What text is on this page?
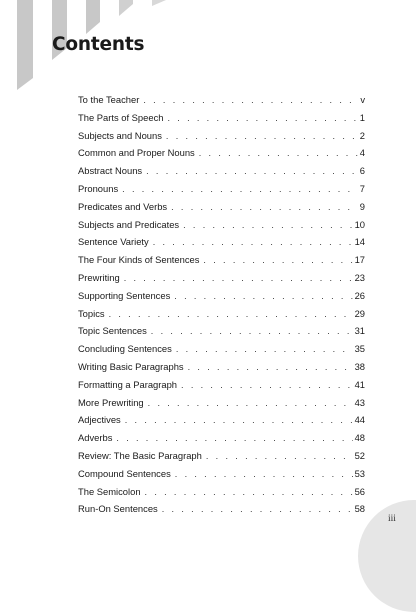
Contents
To the Teacher . . .	v
The Parts of Speech . . .	1
Subjects and Nouns . . .	2
Common and Proper Nouns . . .	4
Abstract Nouns . . .	6
Pronouns . . .	7
Predicates and Verbs . . .	9
Subjects and Predicates . . .	10
Sentence Variety . . .	14
The Four Kinds of Sentences . . .	17
Prewriting . . .	23
Supporting Sentences . . .	26
Topics . . .	29
Topic Sentences . . .	31
Concluding Sentences . . .	35
Writing Basic Paragraphs . . .	38
Formatting a Paragraph . . .	41
More Prewriting . . .	43
Adjectives . . .	44
Adverbs . . .	48
Review: The Basic Paragraph . . .	52
Compound Sentences . . .	53
The Semicolon . . .	56
Run-On Sentences . . .	58
iii
